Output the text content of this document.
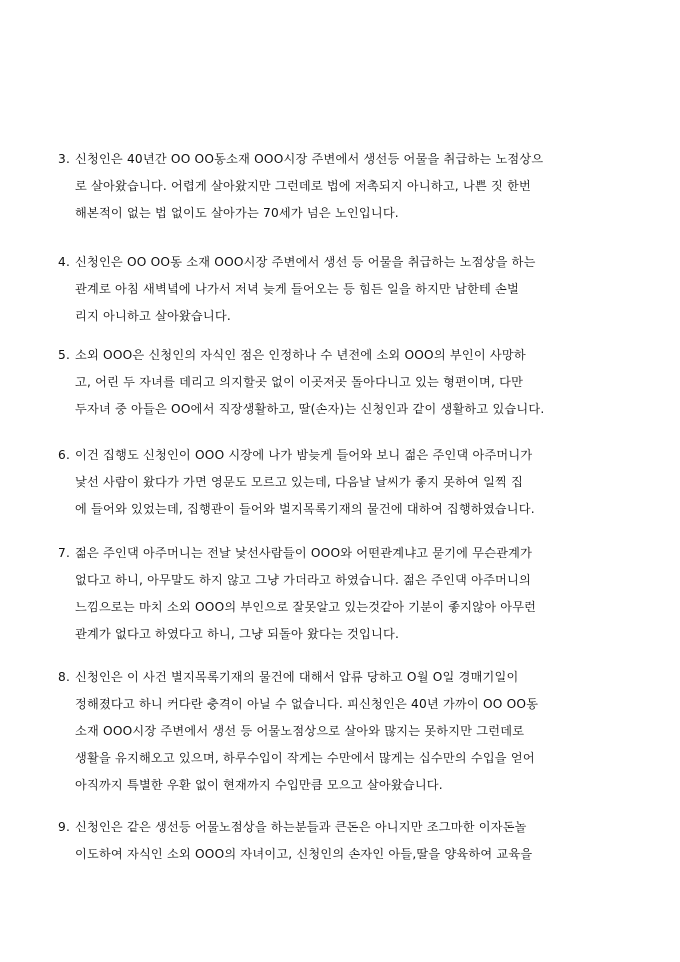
3. 신청인은 40년간 OO OO동소재 OOO시장 주변에서 생선등 어물을 취급하는 노점상으
로 살아왔습니다. 어렵게 살아왔지만 그런데로 법에 저촉되지 아니하고, 나쁜 짓 한번
해본적이 없는 법 없이도 살아가는 70세가 넘은 노인입니다.
4. 신청인은 OO OO동 소재 OOO시장 주변에서 생선 등 어물을 취급하는 노점상을 하는
관계로 아침 새벽녘에 나가서 저녁 늦게 들어오는 등 힘든 일을 하지만 남한테 손벌
리지 아니하고 살아왔습니다.
5. 소외 OOO은 신청인의 자식인 점은 인정하나 수 년전에 소외 OOO의 부인이 사망하
고, 어린 두 자녀를 데리고 의지할곳 없이 이곳저곳 돌아다니고 있는 형편이며, 다만
두자녀 중 아들은 OO에서 직장생활하고, 딸(손자)는 신청인과 같이 생활하고 있습니다.
6. 이건 집행도 신청인이 OOO 시장에 나가 밤늦게 들어와 보니 젊은 주인댁 아주머니가
낯선 사람이 왔다가 가면 영문도 모르고 있는데, 다음날 날씨가 좋지 못하여 일찍 집
에 들어와 있었는데, 집행관이 들어와 벌지목록기재의 물건에 대하여 집행하였습니다.
7. 젊은 주인댁 아주머니는 전날 낯선사람들이 OOO와 어떤관계냐고 묻기에 무슨관계가
없다고 하니, 아무말도 하지 않고 그냥 가더라고 하였습니다. 젊은 주인댁 아주머니의
느낌으로는 마치 소외 OOO의 부인으로 잘못알고 있는것같아 기분이 좋지않아 아무런
관계가 없다고 하였다고 하니, 그냥 되돌아 왔다는 것입니다.
8. 신청인은 이 사건 별지목록기재의 물건에 대해서 압류 당하고 O월 O일 경매기일이
정해졌다고 하니 커다란 충격이 아닐 수 없습니다. 피신청인은 40년 가까이 OO OO동
소재 OOO시장 주변에서 생선 등 어물노점상으로 살아와 많지는 못하지만 그런데로
생활을 유지해오고 있으며, 하루수입이 작게는 수만에서 많게는 십수만의 수입을 얻어
아직까지 특별한 우환 없이 현재까지 수입만큼 모으고 살아왔습니다.
9. 신청인은 같은 생선등 어물노점상을 하는분들과 큰돈은 아니지만 조그마한 이자돈놀
이도하여 자식인 소외 OOO의 자녀이고, 신청인의 손자인 아들,딸을 양육하여 교육을
